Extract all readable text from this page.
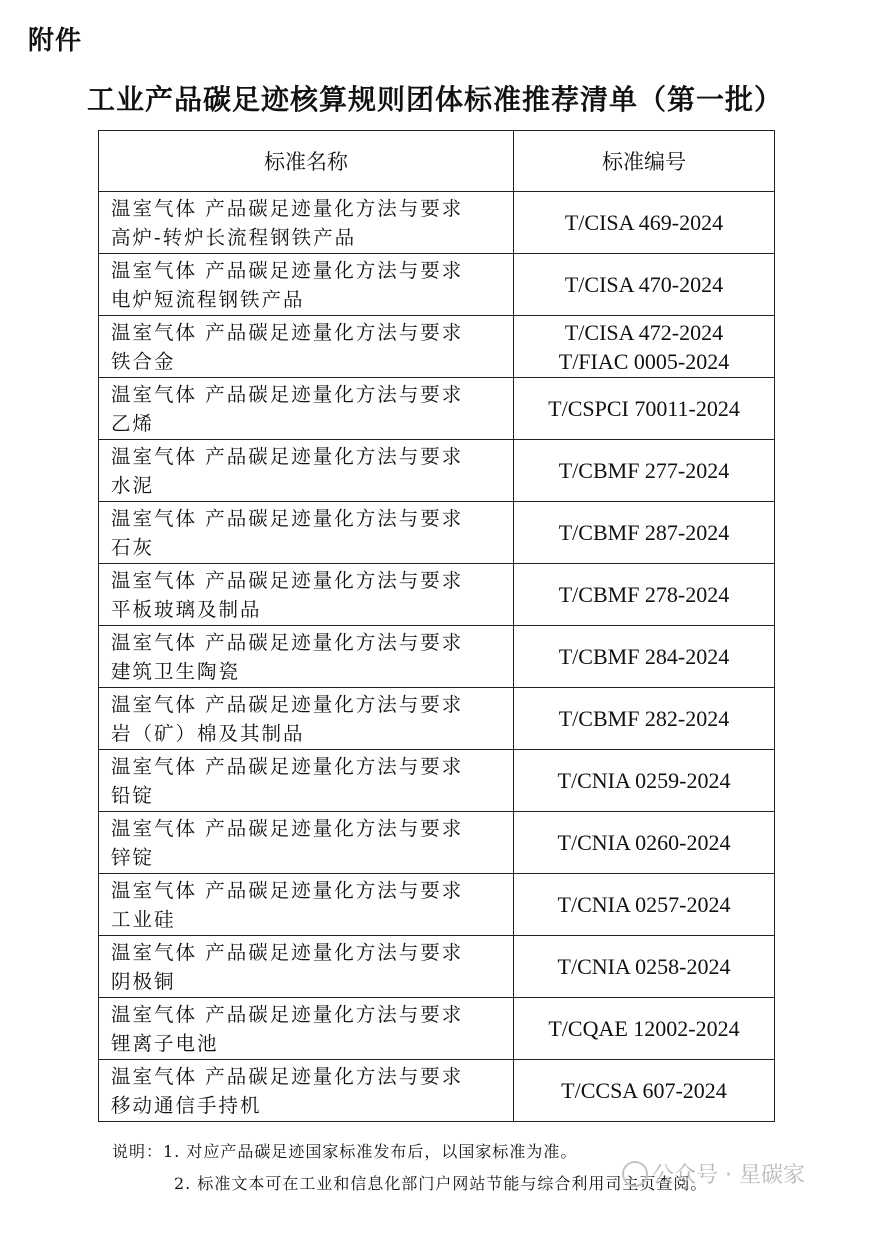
附件
工业产品碳足迹核算规则团体标准推荐清单（第一批）
标准名称	标准编号

温室气体 产品碳足迹量化方法与要求
高炉-转炉长流程钢铁产品	T/CISA 469-2024

温室气体 产品碳足迹量化方法与要求
电炉短流程钢铁产品	T/CISA 470-2024

温室气体 产品碳足迹量化方法与要求
铁合金	T/CISA 472-2024
T/FIAC 0005-2024

温室气体 产品碳足迹量化方法与要求
乙烯	T/CSPCI 70011-2024

温室气体 产品碳足迹量化方法与要求
水泥	T/CBMF 277-2024

温室气体 产品碳足迹量化方法与要求
石灰	T/CBMF 287-2024

温室气体 产品碳足迹量化方法与要求
平板玻璃及制品	T/CBMF 278-2024

温室气体 产品碳足迹量化方法与要求
建筑卫生陶瓷	T/CBMF 284-2024

温室气体 产品碳足迹量化方法与要求
岩（矿）棉及其制品	T/CBMF 282-2024

温室气体 产品碳足迹量化方法与要求
铅锭	T/CNIA 0259-2024

温室气体 产品碳足迹量化方法与要求
锌锭	T/CNIA 0260-2024

温室气体 产品碳足迹量化方法与要求
工业硅	T/CNIA 0257-2024

温室气体 产品碳足迹量化方法与要求
阴极铜	T/CNIA 0258-2024

温室气体 产品碳足迹量化方法与要求
锂离子电池	T/CQAE 12002-2024

温室气体 产品碳足迹量化方法与要求
移动通信手持机	T/CCSA 607-2024
说明：1. 对应产品碳足迹国家标准发布后，以国家标准为准。
2. 标准文本可在工业和信息化部门户网站节能与综合利用司主页查阅。
公众号 · 星碳家
